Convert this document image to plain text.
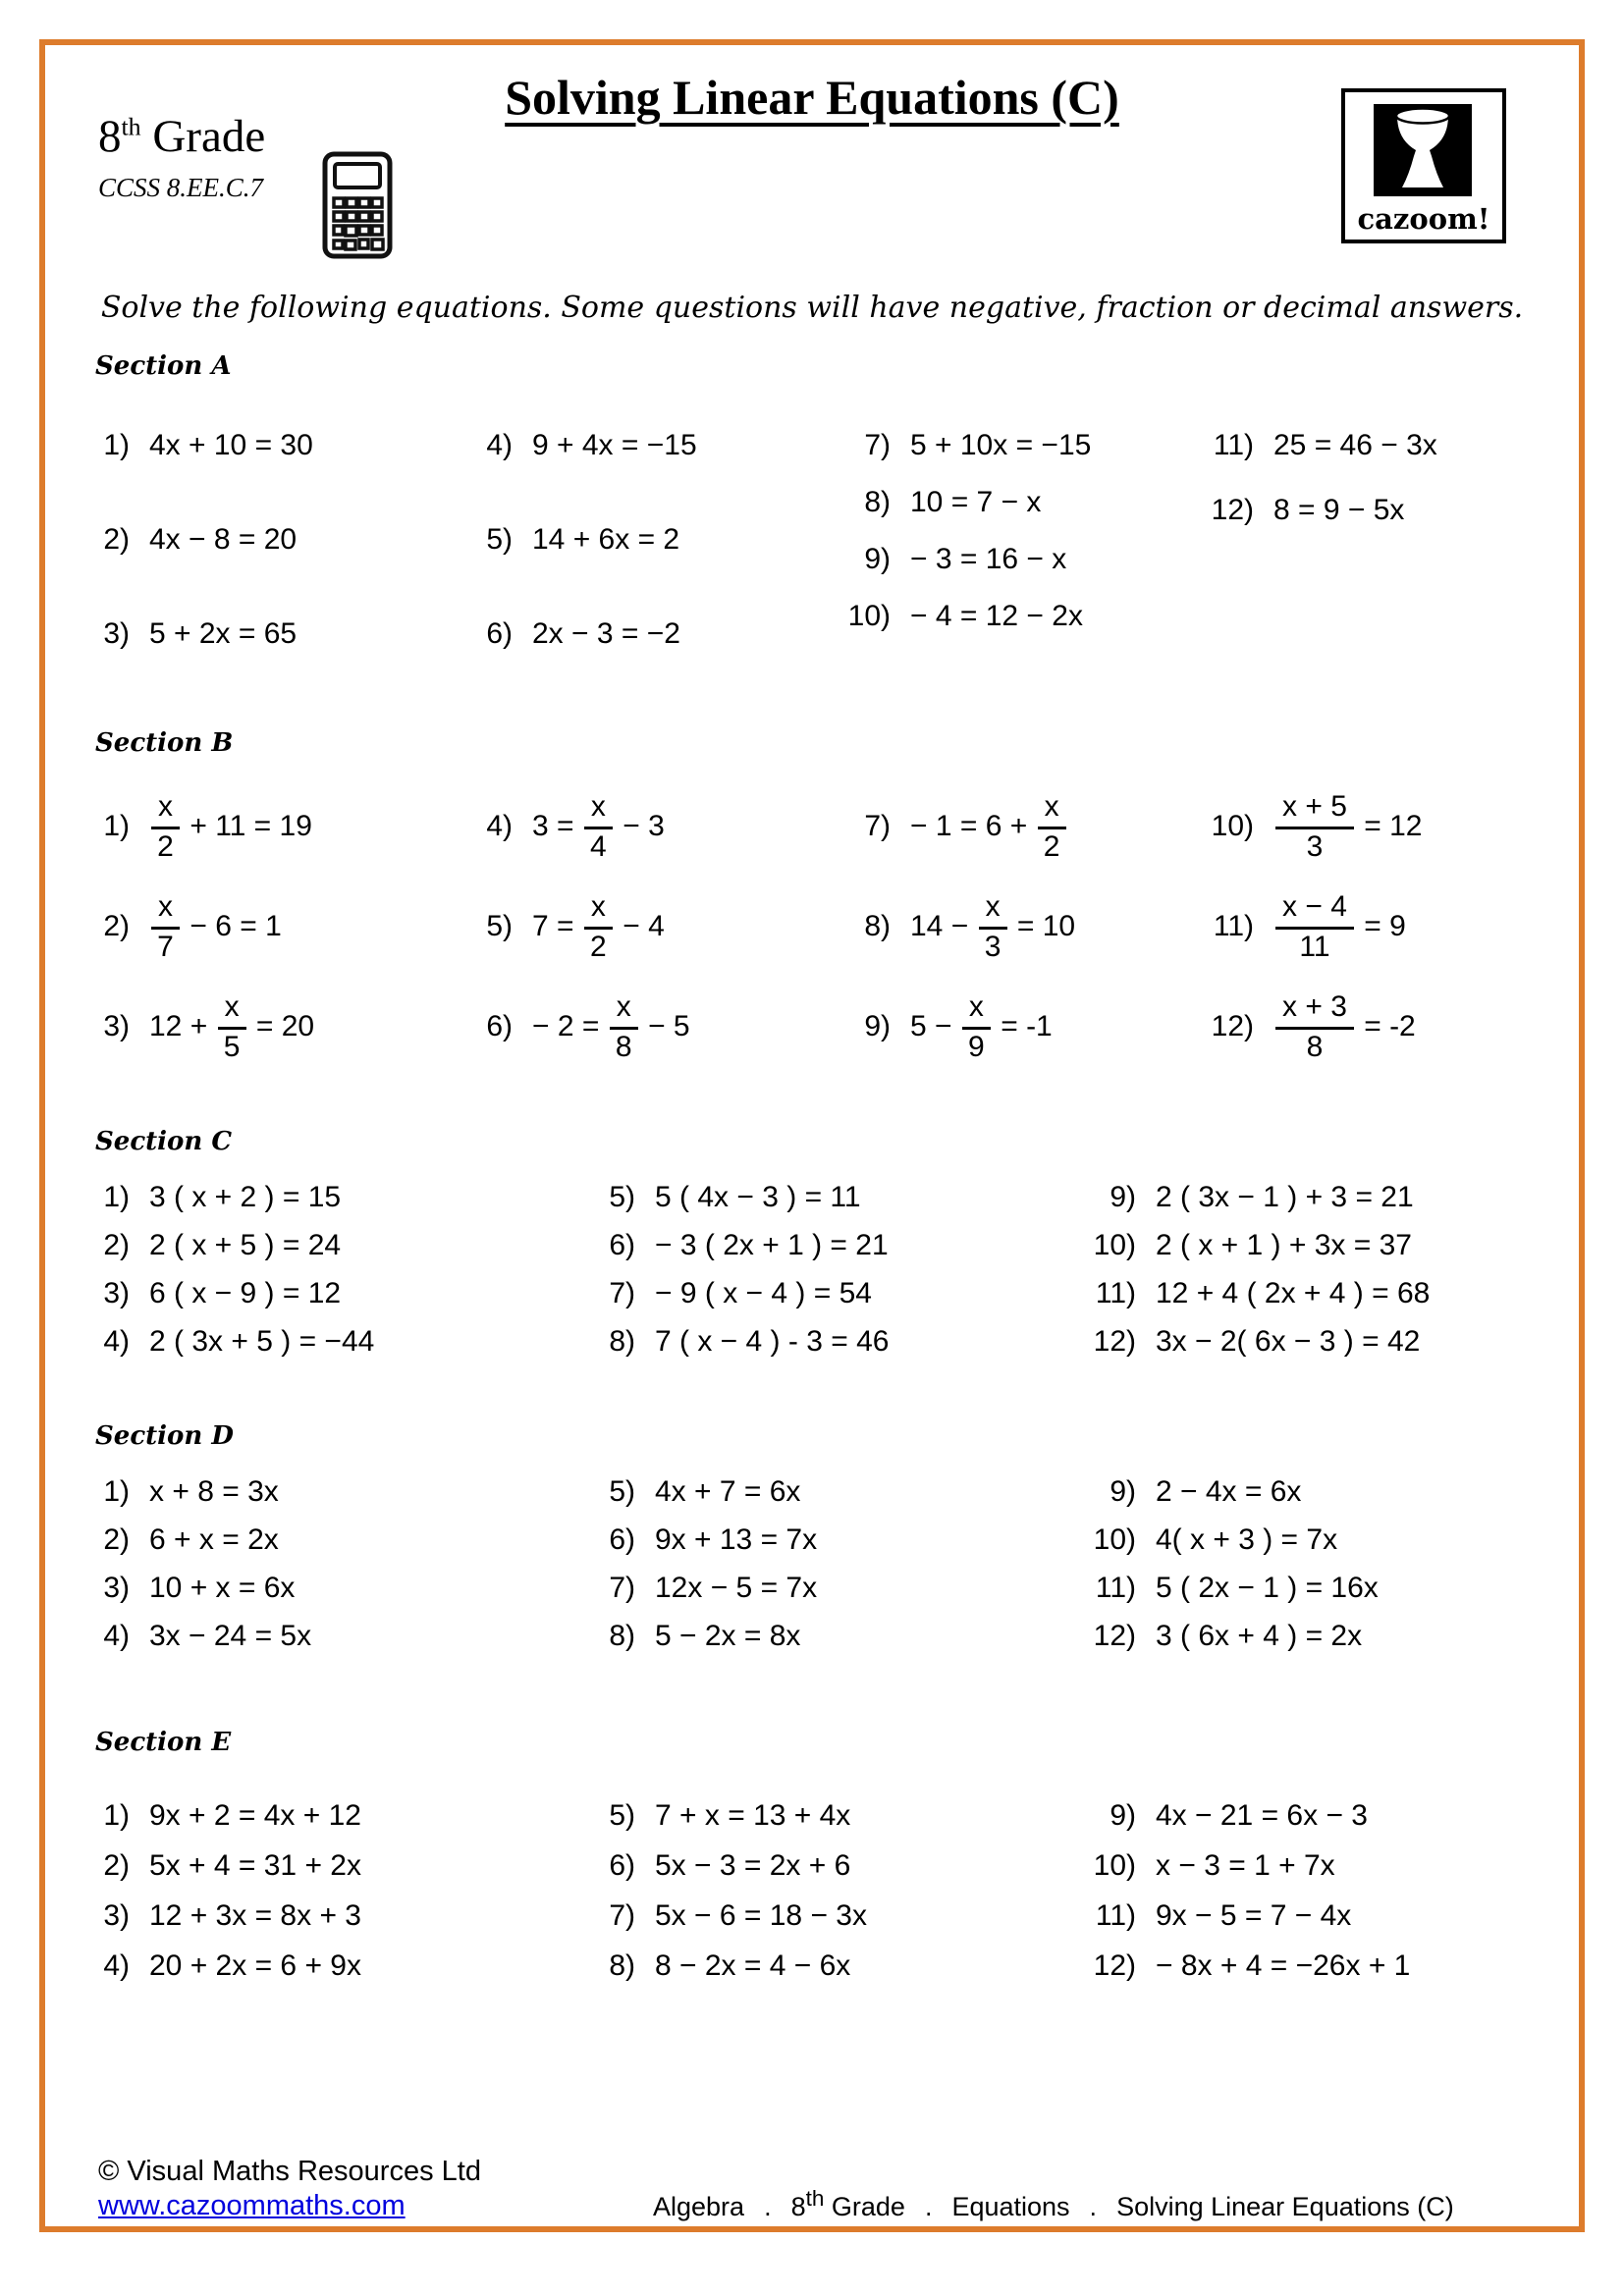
8th Grade
CCSS 8.EE.C.7
Solving Linear Equations (C)
cazoom!
Solve the following equations. Some questions will have negative, fraction or decimal answers.
Section A
1) 4x + 10 = 30
2) 4x − 8 = 20
3) 5 + 2x = 65
4) 9 + 4x = −15
5) 14 + 6x = 2
6) 2x − 3 = −2
7) 5 + 10x = −15
8) 10 = 7 − x
9) − 3 = 16 − x
10) − 4 = 12 − 2x
11) 25 = 46 − 3x
12) 8 = 9 − 5x
Section B
$1) \frac{x}{2} + 11 = 19$
$2) \frac{x}{7} - 6 = 1$
3) $12 + \frac{x}{5} = 20$
4) $3 = \frac{x}{4} - 3$
5) $7 = \frac{x}{2} - 4$
$6) - 2 = \frac{x}{8} - 5$
$7) - 1 = 6 + \frac{x}{2}$
8) $14 - \frac{x}{3} = 10$
9) $5 - \frac{x}{9} = -1$
$10) \frac{x + 5}{3} = 12$
$11) \frac{x - 4}{11} = 9$
$12) \frac{x + 3}{8} = -2$
Section C
1) 3 ( x + 2 ) = 15
2) 2 ( x + 5 ) = 24
3) 6 ( x − 9 ) = 12
4) 2 ( 3x + 5 ) = −44
5) 5 ( 4x − 3 ) = 11
6) − 3 ( 2x + 1 ) = 21
7) − 9 ( x − 4 ) = 54
8) 7 ( x − 4 ) - 3 = 46
9) 2 ( 3x − 1 ) + 3 = 21
10) 2 ( x + 1 ) + 3x = 37
11) 12 + 4 ( 2x + 4 ) = 68
12) 3x − 2( 6x − 3 ) = 42
Section D
1) x + 8 = 3x
2) 6 + x = 2x
3) 10 + x = 6x
4) 3x − 24 = 5x
5) 4x + 7 = 6x
6) 9x + 13 = 7x
7) 12x − 5 = 7x
8) 5 − 2x = 8x
9) 2 − 4x = 6x
10) 4( x + 3 ) = 7x
11) 5 ( 2x − 1 ) = 16x
12) 3 ( 6x + 4 ) = 2x
Section E
1) 9x + 2 = 4x + 12
2) 5x + 4 = 31 + 2x
3) 12 + 3x = 8x + 3
4) 20 + 2x = 6 + 9x
5) 7 + x = 13 + 4x
6) 5x − 3 = 2x + 6
7) 5x − 6 = 18 − 3x
8) 8 − 2x = 4 − 6x
9) 4x − 21 = 6x − 3
10) x − 3 = 1 + 7x
11) 9x − 5 = 7 − 4x
12) − 8x + 4 = −26x + 1
© Visual Maths Resources Ltd
www.cazoommaths.com	Algebra . 8th Grade . Equations . Solving Linear Equations (C)
